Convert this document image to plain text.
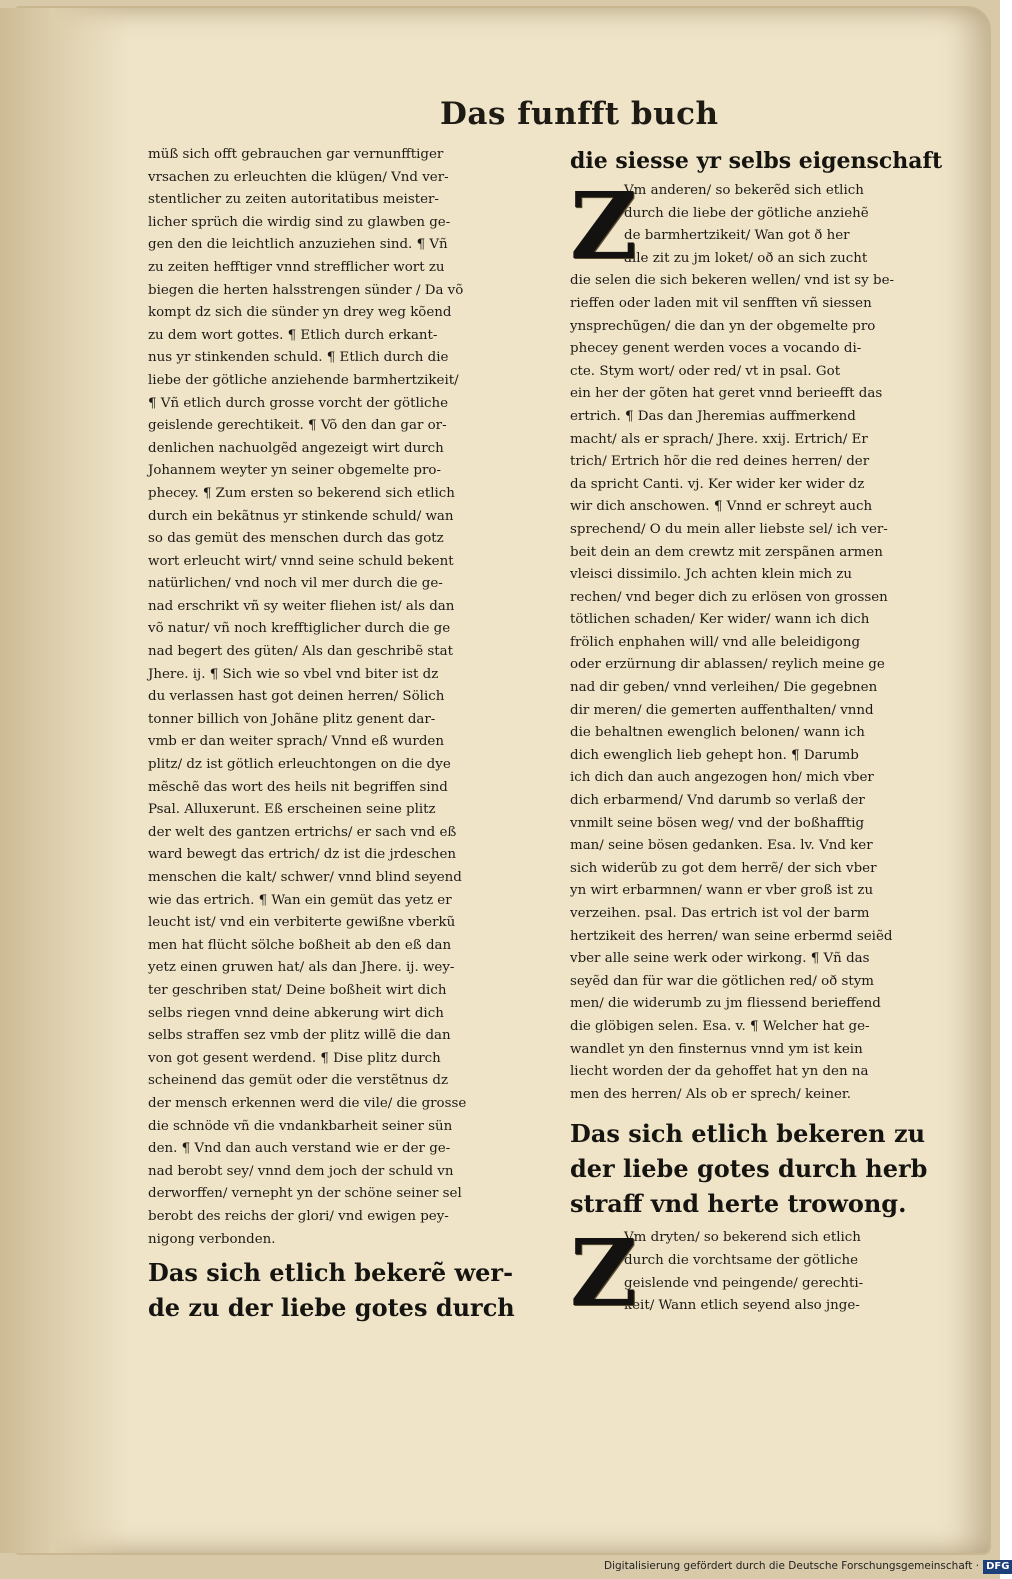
Das funfft buch
müß sich offt gebrauchen gar vernunfftiger
vrsachen zu erleuchten die klügen/ Vnd ver-
stentlicher zu zeiten autoritatibus meister-
licher sprüch die wirdig sind zu glawben ge-
gen den die leichtlich anzuziehen sind. ¶ Vñ
zu zeiten hefftiger vnnd strefflicher wort zu
biegen die herten halsstrengen sünder / Da võ
kompt dz sich die sünder yn drey weg kõend
zu dem wort gottes. ¶ Etlich durch erkant-
nus yr stinkenden schuld. ¶ Etlich durch die
liebe der götliche anziehende barmhertzikeit/
¶ Vñ etlich durch grosse vorcht der götliche
geislende gerechtikeit. ¶ Võ den dan gar or-
denlichen nachuolgẽd angezeigt wirt durch
Johannem weyter yn seiner obgemelte pro-
phecey. ¶ Zum ersten so bekerend sich etlich
durch ein bekãtnus yr stinkende schuld/ wan
so das gemüt des menschen durch das gotz
wort erleucht wirt/ vnnd seine schuld bekent
natürlichen/ vnd noch vil mer durch die ge-
nad erschrikt vñ sy weiter fliehen ist/ als dan
võ natur/ vñ noch krefftiglicher durch die ge
nad begert des güten/ Als dan geschribẽ stat
Jhere. ij. ¶ Sich wie so vbel vnd biter ist dz
du verlassen hast got deinen herren/ Sölich
tonner billich von Johãne plitz genent dar-
vmb er dan weiter sprach/ Vnnd eß wurden
plitz/ dz ist götlich erleuchtongen on die dye
mẽschẽ das wort des heils nit begriffen sind
Psal. Alluxerunt. Eß erscheinen seine plitz
der welt des gantzen ertrichs/ er sach vnd eß
ward bewegt das ertrich/ dz ist die jrdeschen
menschen die kalt/ schwer/ vnnd blind seyend
wie das ertrich. ¶ Wan ein gemüt das yetz er
leucht ist/ vnd ein verbiterte gewißne vberkũ
men hat flücht sölche boßheit ab den eß dan
yetz einen gruwen hat/ als dan Jhere. ij. wey-
ter geschriben stat/ Deine boßheit wirt dich
selbs riegen vnnd deine abkerung wirt dich
selbs straffen sez vmb der plitz willẽ die dan
von got gesent werdend. ¶ Dise plitz durch
scheinend das gemüt oder die verstẽtnus dz
der mensch erkennen werd die vile/ die grosse
die schnöde vñ die vndankbarheit seiner sün
den. ¶ Vnd dan auch verstand wie er der ge-
nad berobt sey/ vnnd dem joch der schuld vn
derworffen/ vernepht yn der schöne seiner sel
berobt des reichs der glori/ vnd ewigen pey-
nigong verbonden.
Das sich etlich bekerẽ wer-
de zu der liebe gotes durch
die siesse yr selbs eigenschaft
Z
Vm anderen/ so bekerẽd sich etlich
durch die liebe der götliche anziehẽ
de barmhertzikeit/ Wan got ð her
alle zit zu jm loket/ oð an sich zucht
die selen die sich bekeren wellen/ vnd ist sy be-
rieffen oder laden mit vil senfften vñ siessen
ynsprechũgen/ die dan yn der obgemelte pro
phecey genent werden voces a vocando di-
cte. Stym wort/ oder red/ vt in psal. Got
ein her der gõten hat geret vnnd berieefft das
ertrich. ¶ Das dan Jheremias auffmerkend
macht/ als er sprach/ Jhere. xxij. Ertrich/ Er
trich/ Ertrich hõr die red deines herren/ der
da spricht Canti. vj. Ker wider ker wider dz
wir dich anschowen. ¶ Vnnd er schreyt auch
sprechend/ O du mein aller liebste sel/ ich ver-
beit dein an dem crewtz mit zerspãnen armen
vleisci dissimilo. Jch achten klein mich zu
rechen/ vnd beger dich zu erlösen von grossen
tötlichen schaden/ Ker wider/ wann ich dich
frölich enphahen will/ vnd alle beleidigong
oder erzürnung dir ablassen/ reylich meine ge
nad dir geben/ vnnd verleihen/ Die gegebnen
dir meren/ die gemerten auffenthalten/ vnnd
die behaltnen ewenglich belonen/ wann ich
dich ewenglich lieb gehept hon. ¶ Darumb
ich dich dan auch angezogen hon/ mich vber
dich erbarmend/ Vnd darumb so verlaß der
vnmilt seine bösen weg/ vnd der boßhafftig
man/ seine bösen gedanken. Esa. lv. Vnd ker
sich widerũb zu got dem herrẽ/ der sich vber
yn wirt erbarmnen/ wann er vber groß ist zu
verzeihen. psal. Das ertrich ist vol der barm
hertzikeit des herren/ wan seine erbermd seiẽd
vber alle seine werk oder wirkong. ¶ Vñ das
seyẽd dan für war die götlichen red/ oð stym
men/ die widerumb zu jm fliessend berieffend
die glöbigen selen. Esa. v. ¶ Welcher hat ge-
wandlet yn den finsternus vnnd ym ist kein
liecht worden der da gehoffet hat yn den na
men des herren/ Als ob er sprech/ keiner.
Das sich etlich bekeren zu
der liebe gotes durch herb
straff vnd herte trowong.
Z
Vm dryten/ so bekerend sich etlich
durch die vorchtsame der götliche
geislende vnd peingende/ gerechti-
keit/ Wann etlich seyend also jnge-
Digitalisierung gefördert durch die Deutsche Forschungsgemeinschaft · DFG
